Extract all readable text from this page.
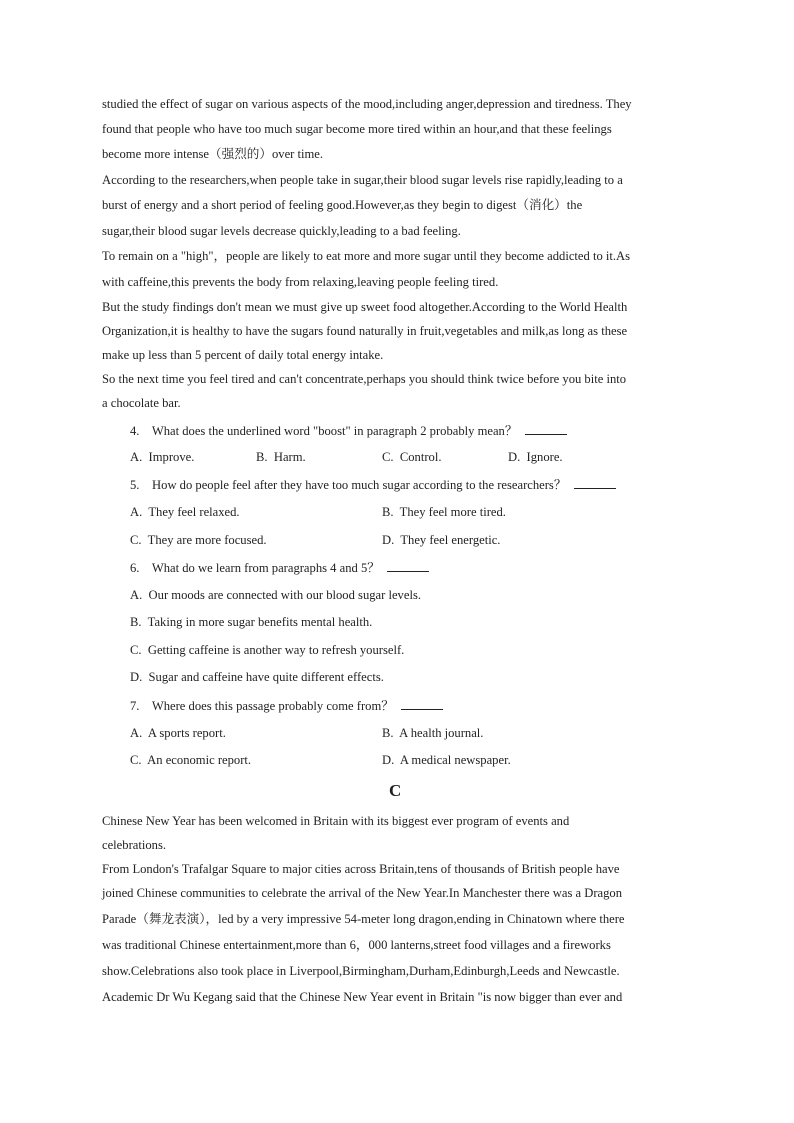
studied the effect of sugar on various aspects of the mood,including anger,depression and tiredness. They
found that people who have too much sugar become more tired within an hour,and that these feelings
become more intense（强烈的）over time.
According to the researchers,when people take in sugar,their blood sugar levels rise rapidly,leading to a
burst of energy and a short period of feeling good.However,as they begin to digest（消化）the
sugar,their blood sugar levels decrease quickly,leading to a bad feeling.
To remain on a "high"，people are likely to eat more and more sugar until they become addicted to it.As
with caffeine,this prevents the body from relaxing,leaving people feeling tired.
But the study findings don't mean we must give up sweet food altogether.According to the World Health
Organization,it is healthy to have the sugars found naturally in fruit,vegetables and milk,as long as these
make up less than 5 percent of daily total energy intake.
So the next time you feel tired and can't concentrate,perhaps you should think twice before you bite into
a chocolate bar.
4. What does the underlined word "boost" in paragraph 2 probably mean？
A. Improve.	B. Harm.	C. Control.	D. Ignore.
5. How do people feel after they have too much sugar according to the researchers？
A. They feel relaxed.	B. They feel more tired.
C. They are more focused.	D. They feel energetic.
6. What do we learn from paragraphs 4 and 5？
A. Our moods are connected with our blood sugar levels.
B. Taking in more sugar benefits mental health.
C. Getting caffeine is another way to refresh yourself.
D. Sugar and caffeine have quite different effects.
7. Where does this passage probably come from？
A. A sports report.	B. A health journal.
C. An economic report.	D. A medical newspaper.
C
Chinese New Year has been welcomed in Britain with its biggest ever program of events and
celebrations.
From London's Trafalgar Square to major cities across Britain,tens of thousands of British people have
joined Chinese communities to celebrate the arrival of the New Year.In Manchester there was a Dragon
Parade（舞龙表演），led by a very impressive 54-meter long dragon,ending in Chinatown where there
was traditional Chinese entertainment,more than 6，000 lanterns,street food villages and a fireworks
show.Celebrations also took place in Liverpool,Birmingham,Durham,Edinburgh,Leeds and Newcastle.
Academic Dr Wu Kegang said that the Chinese New Year event in Britain "is now bigger than ever and
